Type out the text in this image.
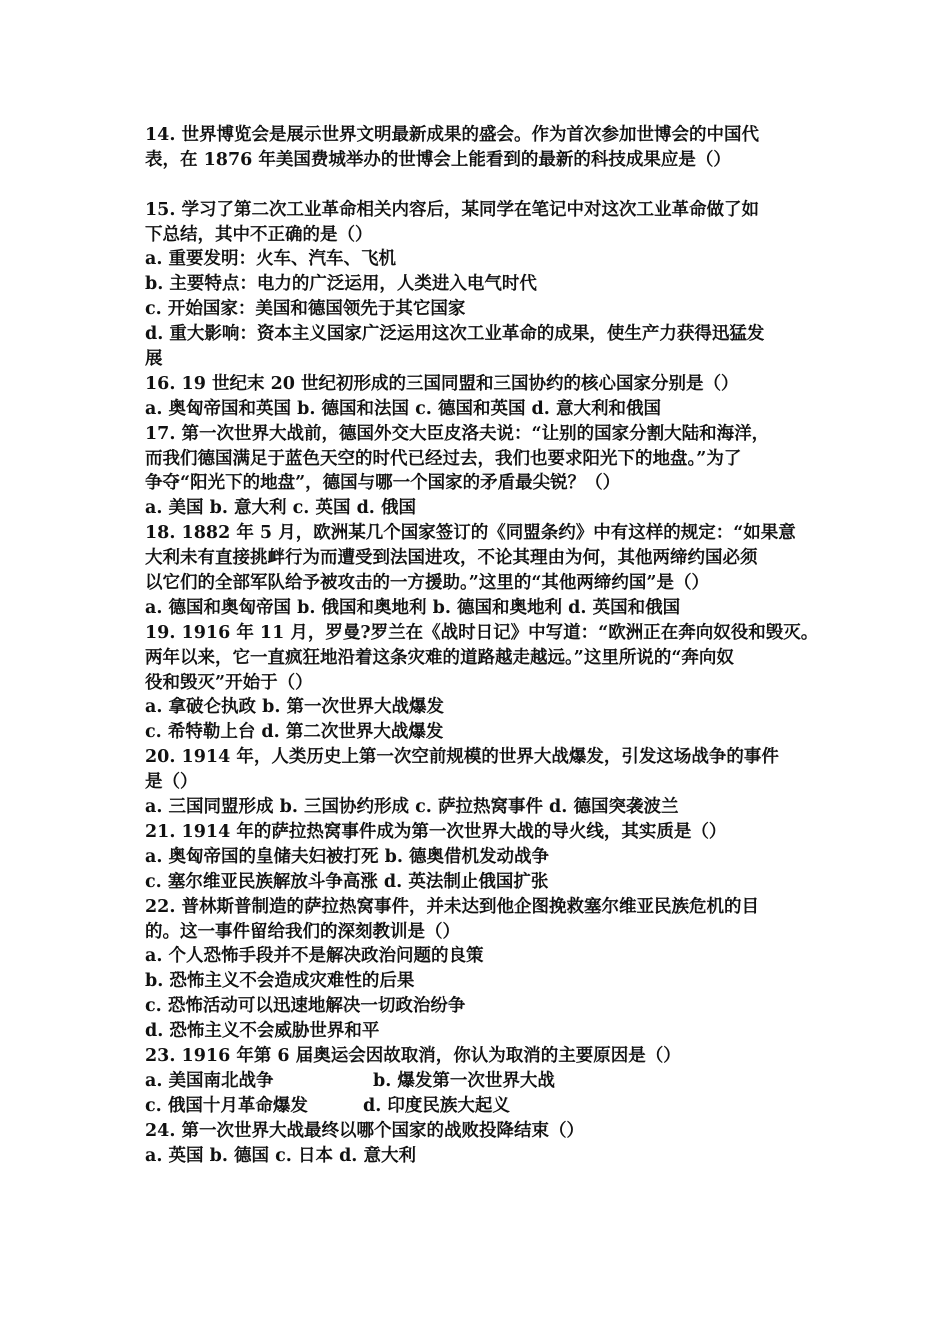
14. 世界博览会是展示世界文明最新成果的盛会。作为首次参加世博会的中国代

表，在 1876 年美国费城举办的世博会上能看到的最新的科技成果应是（）

15. 学习了第二次工业革命相关内容后，某同学在笔记中对这次工业革命做了如

下总结，其中不正确的是（）

a. 重要发明：火车、汽车、飞机

b. 主要特点：电力的广泛运用，人类进入电气时代

c. 开始国家：美国和德国领先于其它国家

d. 重大影响：资本主义国家广泛运用这次工业革命的成果，使生产力获得迅猛发

展

16. 19 世纪末 20 世纪初形成的三国同盟和三国协约的核心国家分别是（）

a. 奥匈帝国和英国 b. 德国和法国 c. 德国和英国 d. 意大利和俄国

17. 第一次世界大战前，德国外交大臣皮洛夫说：“让别的国家分割大陆和海洋，

而我们德国满足于蓝色天空的时代已经过去，我们也要求阳光下的地盘。”为了

争夺“阳光下的地盘”，德国与哪一个国家的矛盾最尖锐？（）

a. 美国 b. 意大利 c. 英国 d. 俄国

18. 1882 年 5 月，欧洲某几个国家签订的《同盟条约》中有这样的规定：“如果意

大利未有直接挑衅行为而遭受到法国进攻，不论其理由为何，其他两缔约国必须

以它们的全部军队给予被攻击的一方援助。”这里的“其他两缔约国”是（）

a. 德国和奥匈帝国 b. 俄国和奥地利 b. 德国和奥地利 d. 英国和俄国

19. 1916 年 11 月，罗曼?罗兰在《战时日记》中写道：“欧洲正在奔向奴役和毁灭。

两年以来，它一直疯狂地沿着这条灾难的道路越走越远。”这里所说的“奔向奴

役和毁灭”开始于（）

a. 拿破仑执政 b. 第一次世界大战爆发

c. 希特勒上台 d. 第二次世界大战爆发

20. 1914 年，人类历史上第一次空前规模的世界大战爆发，引发这场战争的事件

是（）

a. 三国同盟形成 b. 三国协约形成 c. 萨拉热窝事件 d. 德国突袭波兰

21. 1914 年的萨拉热窝事件成为第一次世界大战的导火线，其实质是（）

a. 奥匈帝国的皇储夫妇被打死 b. 德奥借机发动战争

c. 塞尔维亚民族解放斗争高涨 d. 英法制止俄国扩张

22. 普林斯普制造的萨拉热窝事件，并未达到他企图挽救塞尔维亚民族危机的目

的。这一事件留给我们的深刻教训是（）

a. 个人恐怖手段并不是解决政治问题的良策

b. 恐怖主义不会造成灾难性的后果

c. 恐怖活动可以迅速地解决一切政治纷争

d. 恐怖主义不会威胁世界和平

23. 1916 年第 6 届奥运会因故取消，你认为取消的主要原因是（）

a. 美国南北战争	b. 爆发第一次世界大战
c. 俄国十月革命爆发	d. 印度民族大起义

24. 第一次世界大战最终以哪个国家的战败投降结束（）

a. 英国 b. 德国 c. 日本 d. 意大利
